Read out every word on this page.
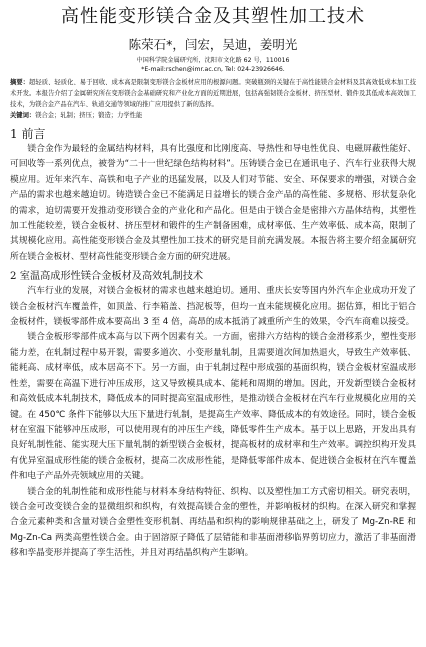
高性能变形镁合金及其塑性加工技术
陈荣石*，闫宏，吴迪，姜明光
中国科学院金属研究所，沈阳市文化路 62 号，110016
*E-mail:rschen@imr.ac.cn, Tel: 024-23926646.
摘要：超轻质、轻质化、易于回收、成本高是限制变形镁合金板材应用的根源问题。突破瓶颈的关键在于高性能镁合金材料及其高效低成本加工技术开发。本报告介绍了金属研究所在变形镁合金基础研究和产业化方面的近期进展，包括高强韧镁合金板材、挤压型材、锻件及其低成本高效加工技术，为镁合金产品在汽车、轨道交通等领域的推广应用提供了新的选择。
关键词：镁合金；轧制；挤压；锻造；力学性能
1 前言

镁合金作为最轻的金属结构材料，具有比强度和比刚度高、导热性和导电性优良、电磁屏蔽性能好、可回收等一系列优点，被誉为“二十一世纪绿色结构材料”。压铸镁合金已在通讯电子、汽车行业获得大规模应用。近年来汽车、高铁和电子产业的迅猛发展，以及人们对节能、安全、环保要求的增强，对镁合金产品的需求也越来越迫切。铸造镁合金已不能满足日益增长的镁合金产品的高性能、多规格、形状复杂化的需求，迫切需要开发推动变形镁合金的产业化和产品化。但是由于镁合金是密排六方晶体结构，其塑性加工性能较差，镁合金板材、挤压型材和锻件的生产制备困难，成材率低、生产效率低、成本高，限制了其规模化应用。高性能变形镁合金及其塑性加工技术的研究是目前充满发展。本报告将主要介绍金属研究所在镁合金板材、型材高性能变形镁合金方面的研究进展。

2 室温高成形性镁合金板材及高效轧制技术

汽车行业的发展，对镁合金板材的需求也越来越迫切。通用、重庆长安等国内外汽车企业成功开发了镁合金板材汽车覆盖件，如顶盖、行李箱盖、挡泥板等，但均一直未能规模化应用。据估算，相比于铝合金板材件，镁板零部件成本要高出 3 至 4 倍，高昂的成本抵消了减重所产生的效果，令汽车商难以接受。

镁合金板形零部件成本高与以下两个因素有关。一方面，密排六方结构的镁合金滑移系少，塑性变形能力差，在轧制过程中易开裂，需要多道次、小变形量轧制，且需要道次间加热退火，导致生产效率低、能耗高、成材率低，成本居高不下。另一方面，由于轧制过程中形成强的基面织构，镁合金板材室温成形性差，需要在高温下进行冲压成形，这又导致模具成本、能耗和周期的增加。因此，开发新型镁合金板材和高效低成本轧制技术，降低成本的同时提高室温成形性，是推动镁合金板材在汽车行业规模化应用的关键。在 450℃ 条件下能够以大压下量进行轧制，是提高生产效率、降低成本的有效途径。同时，镁合金板材在室温下能够冲压成形，可以使用现有的冲压生产线，降低零件生产成本。基于以上思路，开发出具有良好轧制性能、能实现大压下量轧制的新型镁合金板材，提高板材的成材率和生产效率。调控织构开发具有优异室温成形性能的镁合金板材，提高二次成形性能，是降低零部件成本、促进镁合金板材在汽车覆盖件和电子产品外壳领域应用的关键。

镁合金的轧制性能和成形性能与材料本身结构特征、织构、以及塑性加工方式密切相关。研究表明，镁合金可改变镁合金的显微组织和织构，有效提高镁合金的塑性，并影响板材的织构。在深入研究和掌握合金元素种类和含量对镁合金塑性变形机制、再结晶和织构的影响规律基础之上，研发了 Mg-Zn-RE 和 Mg-Zn-Ca 两类高塑性镁合金。由于固溶原子降低了层错能和非基面滑移临界剪切应力，激活了非基面滑移和孪晶变形并提高了孪生活性，并且对再结晶织构产生影响。
